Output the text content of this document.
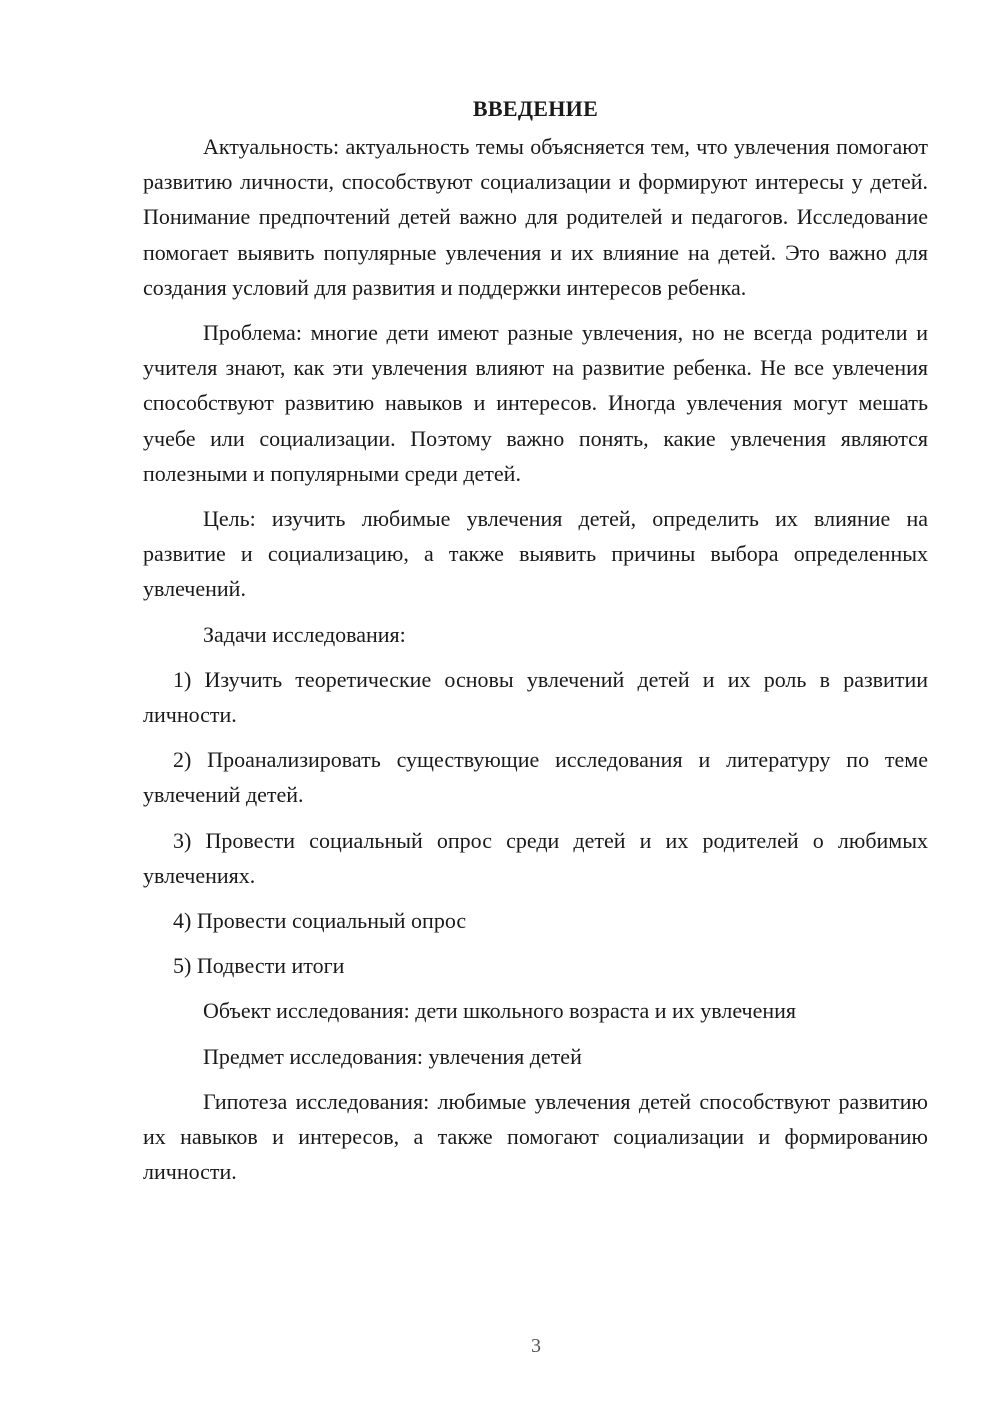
ВВЕДЕНИЕ

Актуальность: актуальность темы объясняется тем, что увлечения помогают развитию личности, способствуют социализации и формируют интересы у детей. Понимание предпочтений детей важно для родителей и педагогов. Исследование помогает выявить популярные увлечения и их влияние на детей. Это важно для создания условий для развития и поддержки интересов ребенка.

Проблема: многие дети имеют разные увлечения, но не всегда родители и учителя знают, как эти увлечения влияют на развитие ребенка. Не все увлечения способствуют развитию навыков и интересов. Иногда увлечения могут мешать учебе или социализации. Поэтому важно понять, какие увлечения являются полезными и популярными среди детей.

Цель: изучить любимые увлечения детей, определить их влияние на развитие и социализацию, а также выявить причины выбора определенных увлечений.

Задачи исследования:

1) Изучить теоретические основы увлечений детей и их роль в развитии личности.

2) Проанализировать существующие исследования и литературу по теме увлечений детей.

3) Провести социальный опрос среди детей и их родителей о любимых увлечениях.

4) Провести социальный опрос

5) Подвести итоги

Объект исследования: дети школьного возраста и их увлечения

Предмет исследования: увлечения детей

Гипотеза исследования: любимые увлечения детей способствуют развитию их навыков и интересов, а также помогают социализации и формированию личности.

3
